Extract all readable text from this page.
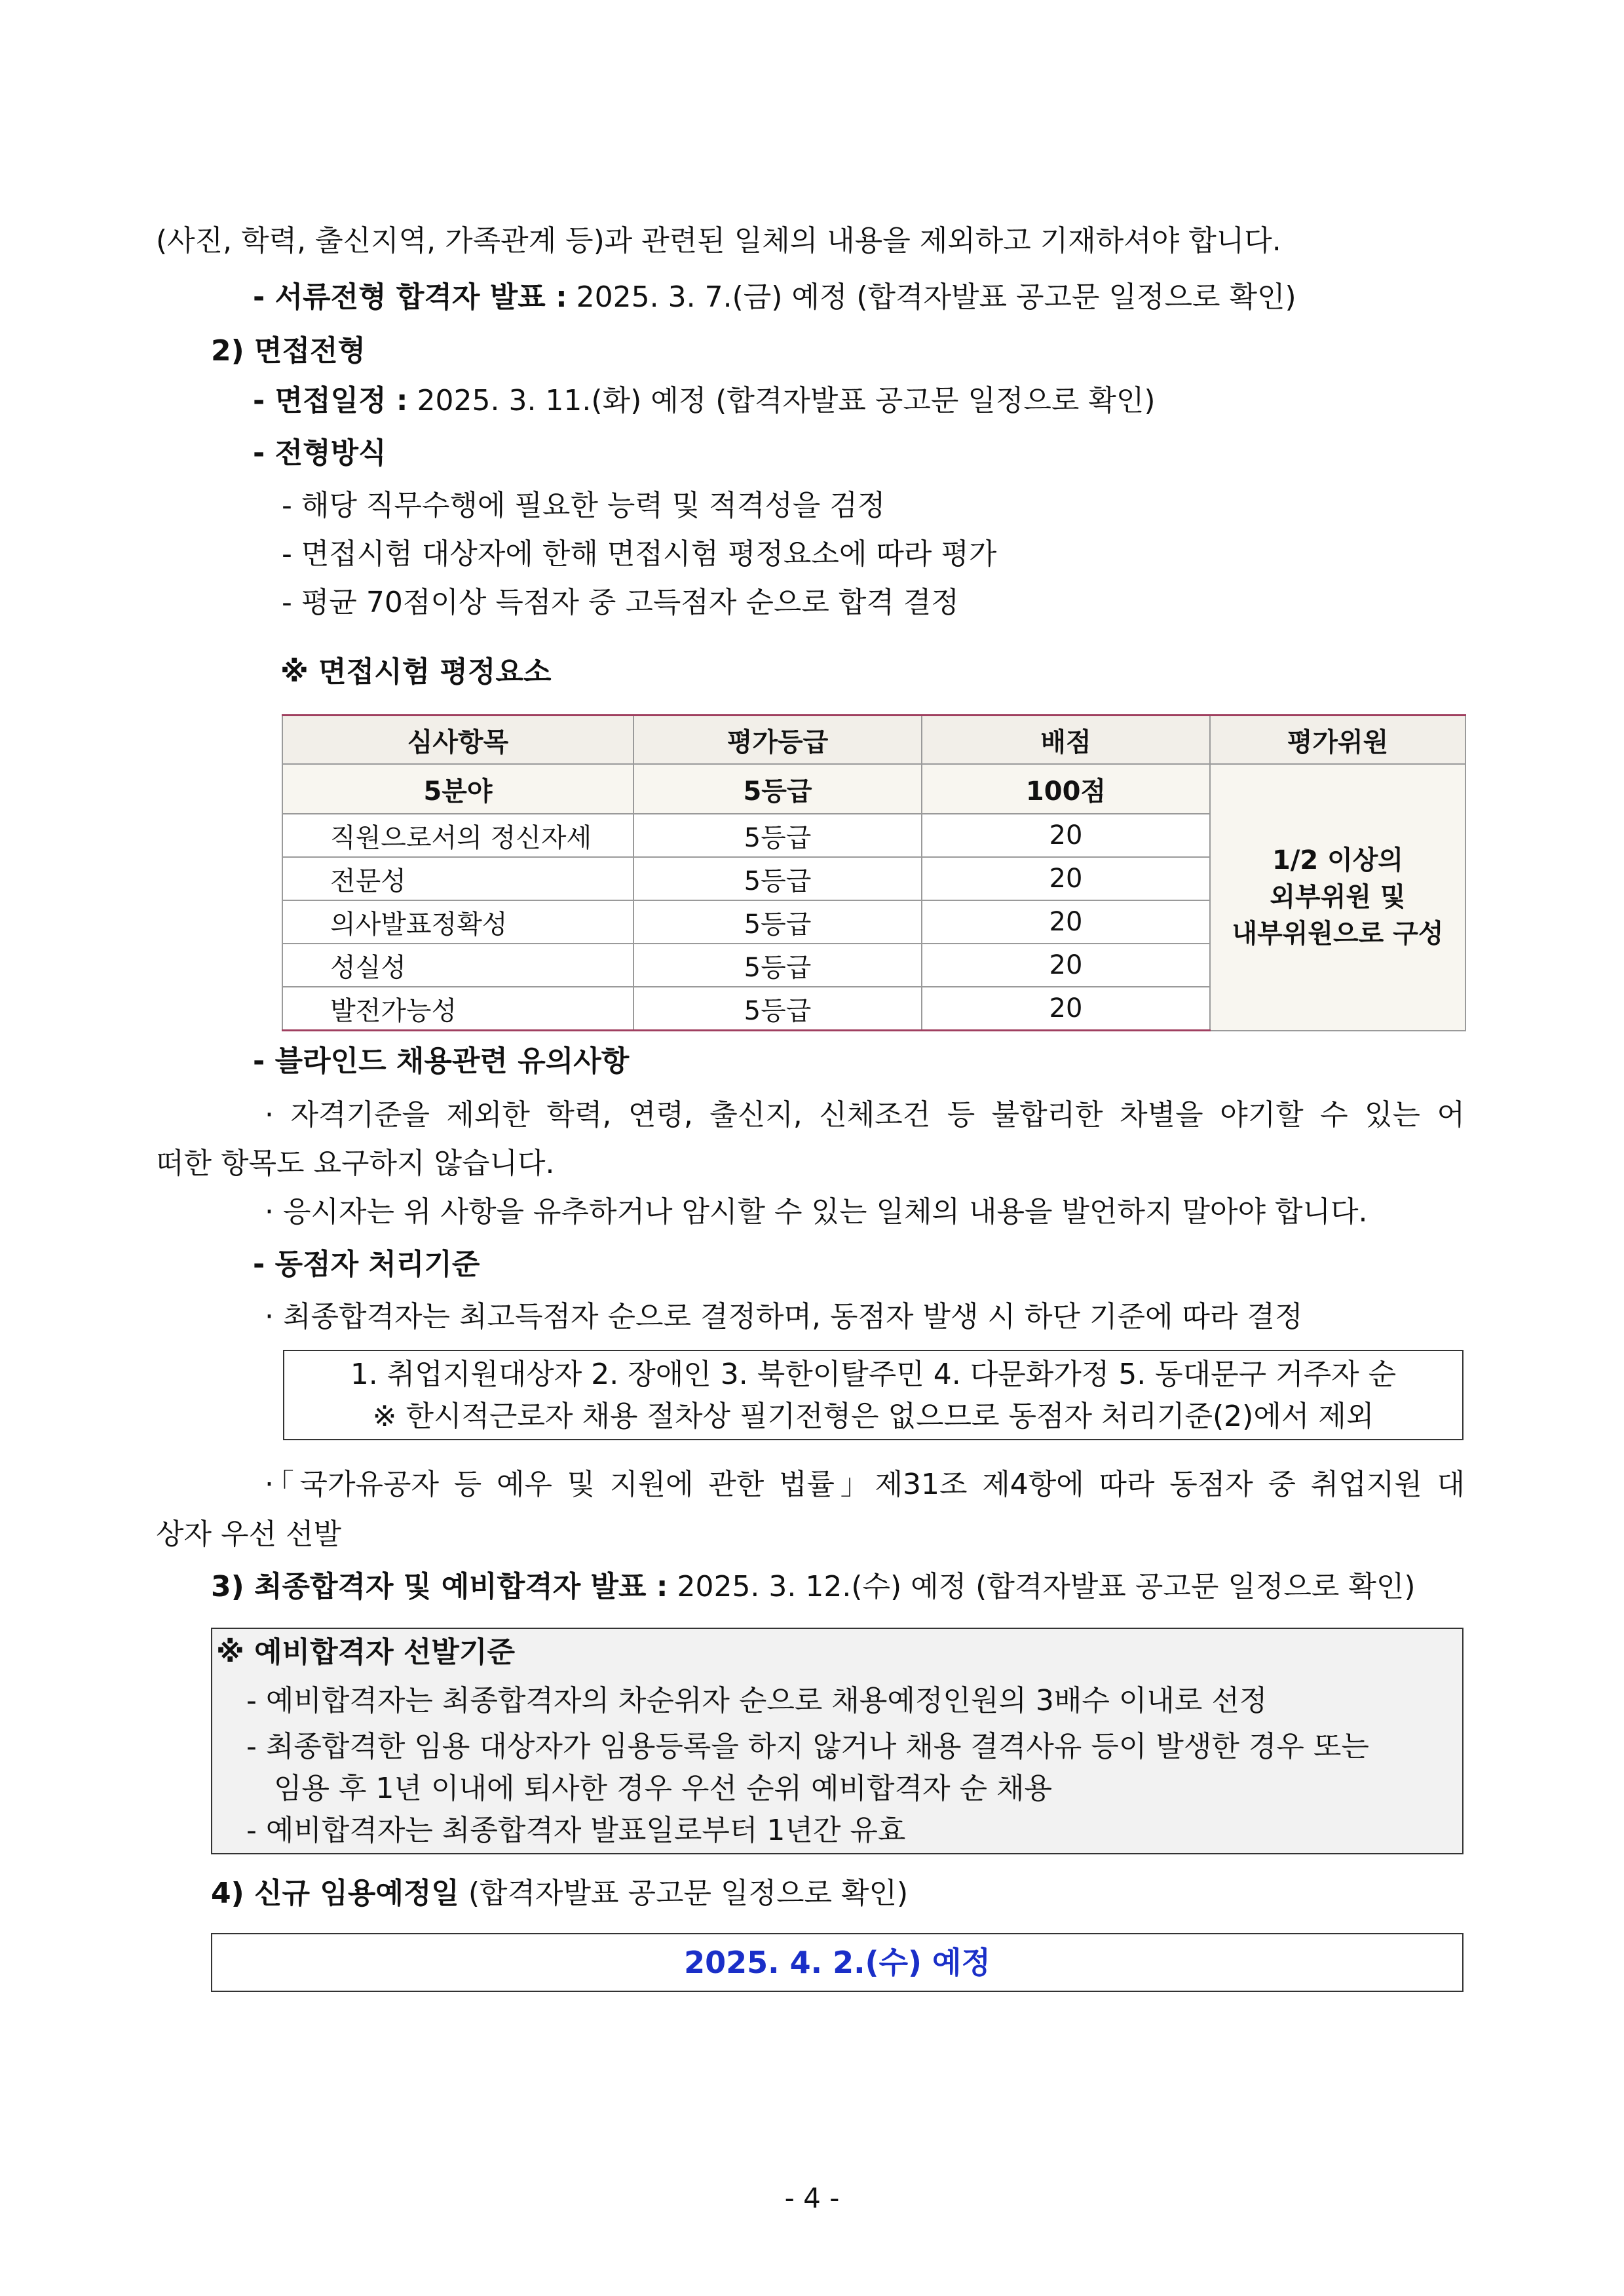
(사진, 학력, 출신지역, 가족관계 등)과 관련된 일체의 내용을 제외하고 기재하셔야 합니다.
- 서류전형 합격자 발표 : 2025. 3. 7.(금) 예정 (합격자발표 공고문 일정으로 확인)
2) 면접전형
- 면접일정 : 2025. 3. 11.(화) 예정 (합격자발표 공고문 일정으로 확인)
- 전형방식
- 해당 직무수행에 필요한 능력 및 적격성을 검정
- 면접시험 대상자에 한해 면접시험 평정요소에 따라 평가
- 평균 70점이상 득점자 중 고득점자 순으로 합격 결정
※ 면접시험 평정요소
심사항목	평가등급	배점	평가위원
5분야	5등급	100점	1/2 이상의
외부위원 및
내부위원으로 구성

직원으로서의 정신자세	5등급	20	
전문성	5등급	20	
의사발표정확성	5등급	20	
성실성	5등급	20	
발전가능성	5등급	20	
- 블라인드 채용관련 유의사항
· 자격기준을 제외한 학력, 연령, 출신지, 신체조건 등 불합리한 차별을 야기할 수 있는 어
떠한 항목도 요구하지 않습니다.
· 응시자는 위 사항을 유추하거나 암시할 수 있는 일체의 내용을 발언하지 말아야 합니다.
- 동점자 처리기준
· 최종합격자는 최고득점자 순으로 결정하며, 동점자 발생 시 하단 기준에 따라 결정
1. 취업지원대상자 2. 장애인 3. 북한이탈주민 4. 다문화가정 5. 동대문구 거주자 순
※ 한시적근로자 채용 절차상 필기전형은 없으므로 동점자 처리기준(2)에서 제외
·「국가유공자 등 예우 및 지원에 관한 법률」제31조 제4항에 따라 동점자 중 취업지원 대
상자 우선 선발
3) 최종합격자 및 예비합격자 발표 : 2025. 3. 12.(수) 예정 (합격자발표 공고문 일정으로 확인)
※ 예비합격자 선발기준
- 예비합격자는 최종합격자의 차순위자 순으로 채용예정인원의 3배수 이내로 선정
- 최종합격한 임용 대상자가 임용등록을 하지 않거나 채용 결격사유 등이 발생한 경우 또는
임용 후 1년 이내에 퇴사한 경우 우선 순위 예비합격자 순 채용
- 예비합격자는 최종합격자 발표일로부터 1년간 유효
4) 신규 임용예정일 (합격자발표 공고문 일정으로 확인)
2025. 4. 2.(수) 예정
- 4 -
